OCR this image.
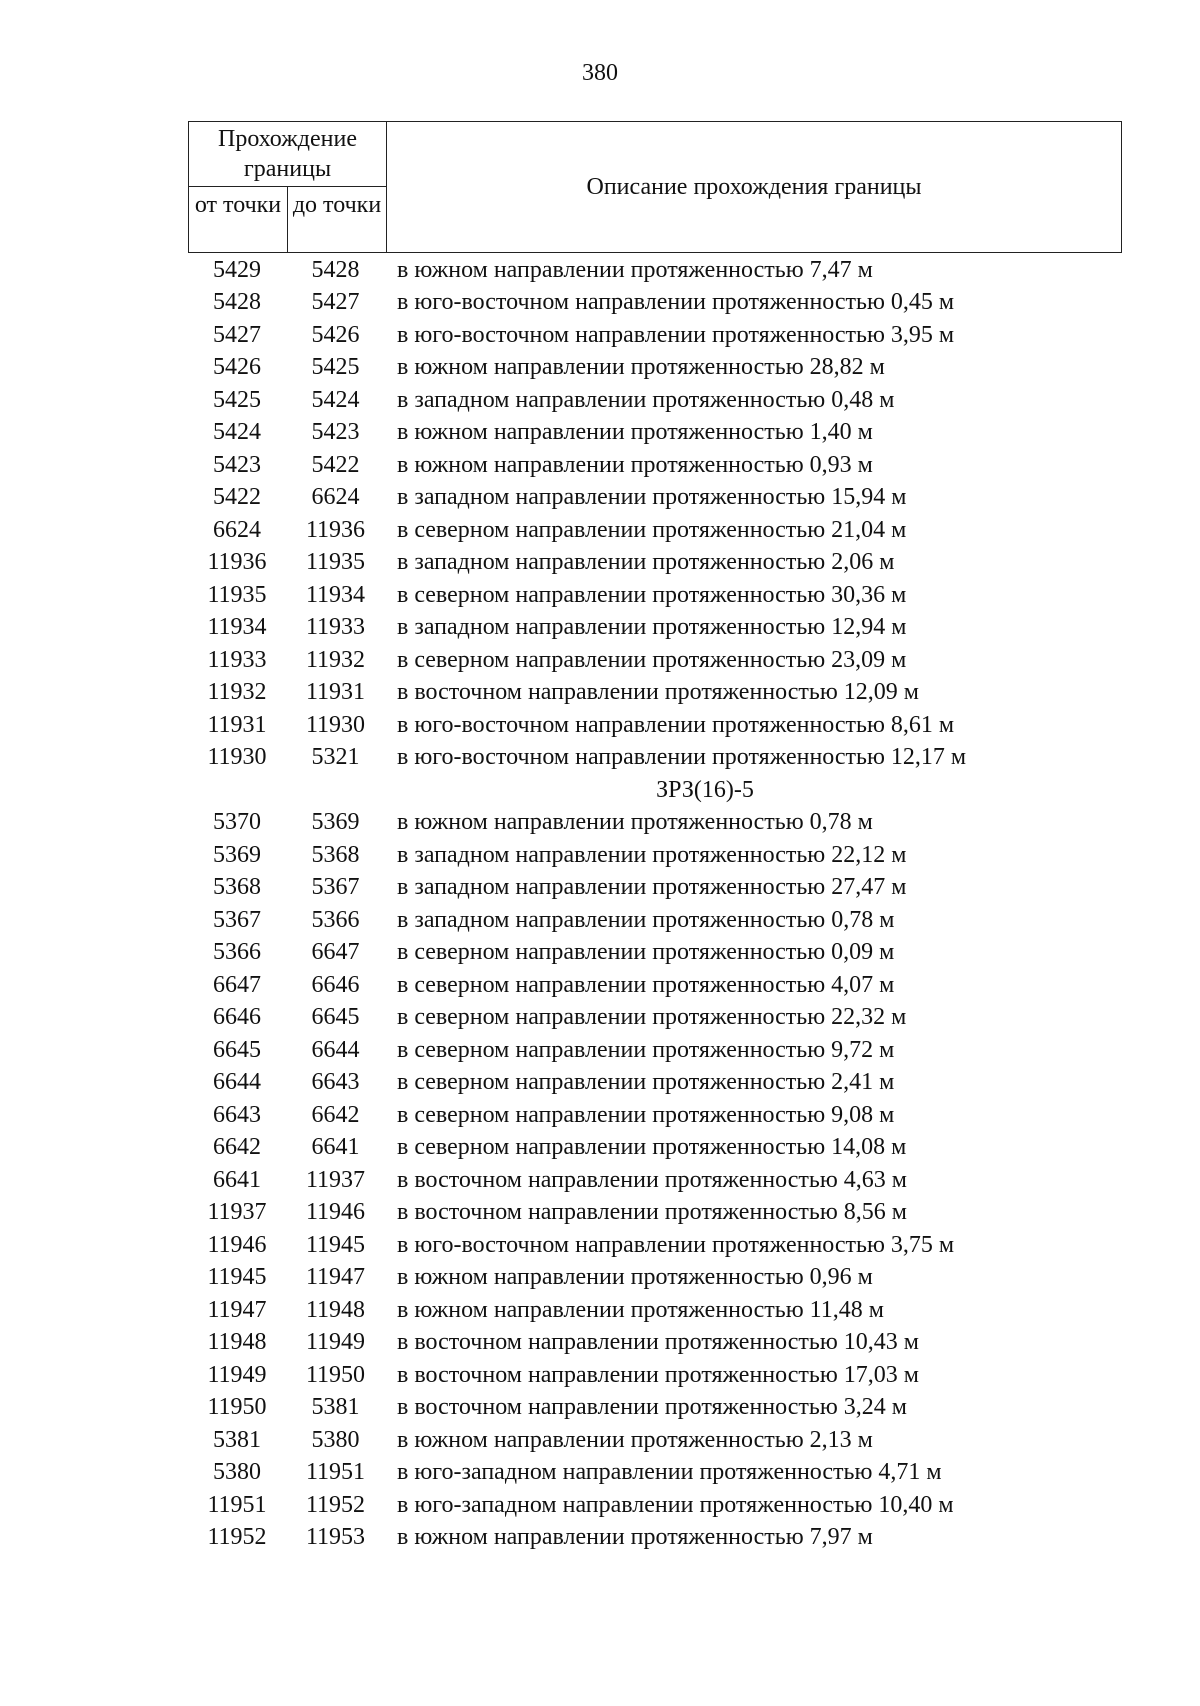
380
Прохождение границы
от точки до точки
Описание прохождения границы
5429	5428	в южном направлении протяженностью 7,47 м
5428	5427	в юго-восточном направлении протяженностью 0,45 м
5427	5426	в юго-восточном направлении протяженностью 3,95 м
5426	5425	в южном направлении протяженностью 28,82 м
5425	5424	в западном направлении протяженностью 0,48 м
5424	5423	в южном направлении протяженностью 1,40 м
5423	5422	в южном направлении протяженностью 0,93 м
5422	6624	в западном направлении протяженностью 15,94 м
6624	11936	в северном направлении протяженностью 21,04 м
11936	11935	в западном направлении протяженностью 2,06 м
11935	11934	в северном направлении протяженностью 30,36 м
11934	11933	в западном направлении протяженностью 12,94 м
11933	11932	в северном направлении протяженностью 23,09 м
11932	11931	в восточном направлении протяженностью 12,09 м
11931	11930	в юго-восточном направлении протяженностью 8,61 м
11930	5321	в юго-восточном направлении протяженностью 12,17 м
ЗРЗ(16)-5
5370	5369	в южном направлении протяженностью 0,78 м
5369	5368	в западном направлении протяженностью 22,12 м
5368	5367	в западном направлении протяженностью 27,47 м
5367	5366	в западном направлении протяженностью 0,78 м
5366	6647	в северном направлении протяженностью 0,09 м
6647	6646	в северном направлении протяженностью 4,07 м
6646	6645	в северном направлении протяженностью 22,32 м
6645	6644	в северном направлении протяженностью 9,72 м
6644	6643	в северном направлении протяженностью 2,41 м
6643	6642	в северном направлении протяженностью 9,08 м
6642	6641	в северном направлении протяженностью 14,08 м
6641	11937	в восточном направлении протяженностью 4,63 м
11937	11946	в восточном направлении протяженностью 8,56 м
11946	11945	в юго-восточном направлении протяженностью 3,75 м
11945	11947	в южном направлении протяженностью 0,96 м
11947	11948	в южном направлении протяженностью 11,48 м
11948	11949	в восточном направлении протяженностью 10,43 м
11949	11950	в восточном направлении протяженностью 17,03 м
11950	5381	в восточном направлении протяженностью 3,24 м
5381	5380	в южном направлении протяженностью 2,13 м
5380	11951	в юго-западном направлении протяженностью 4,71 м
11951	11952	в юго-западном направлении протяженностью 10,40 м
11952	11953	в южном направлении протяженностью 7,97 м
